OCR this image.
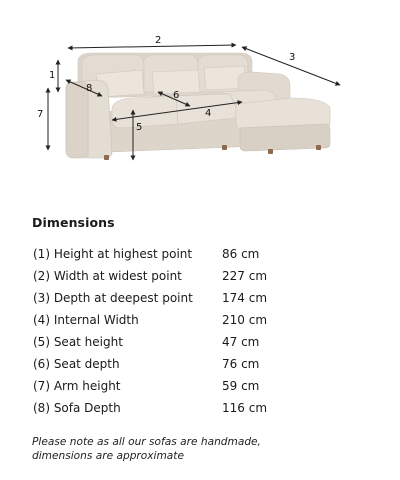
2
3
1
7
8
6
4
5
Dimensions
(1) Height at highest point 86 cm
(2) Width at widest point	227 cm
(3) Depth at deepest point 174 cm
(4) Internal Width	210 cm
(5) Seat height	47 cm
(6) Seat depth	76 cm
(7) Arm height	59 cm
(8) Sofa Depth	116 cm
Please note as all our sofas are handmade,
dimensions are approximate
